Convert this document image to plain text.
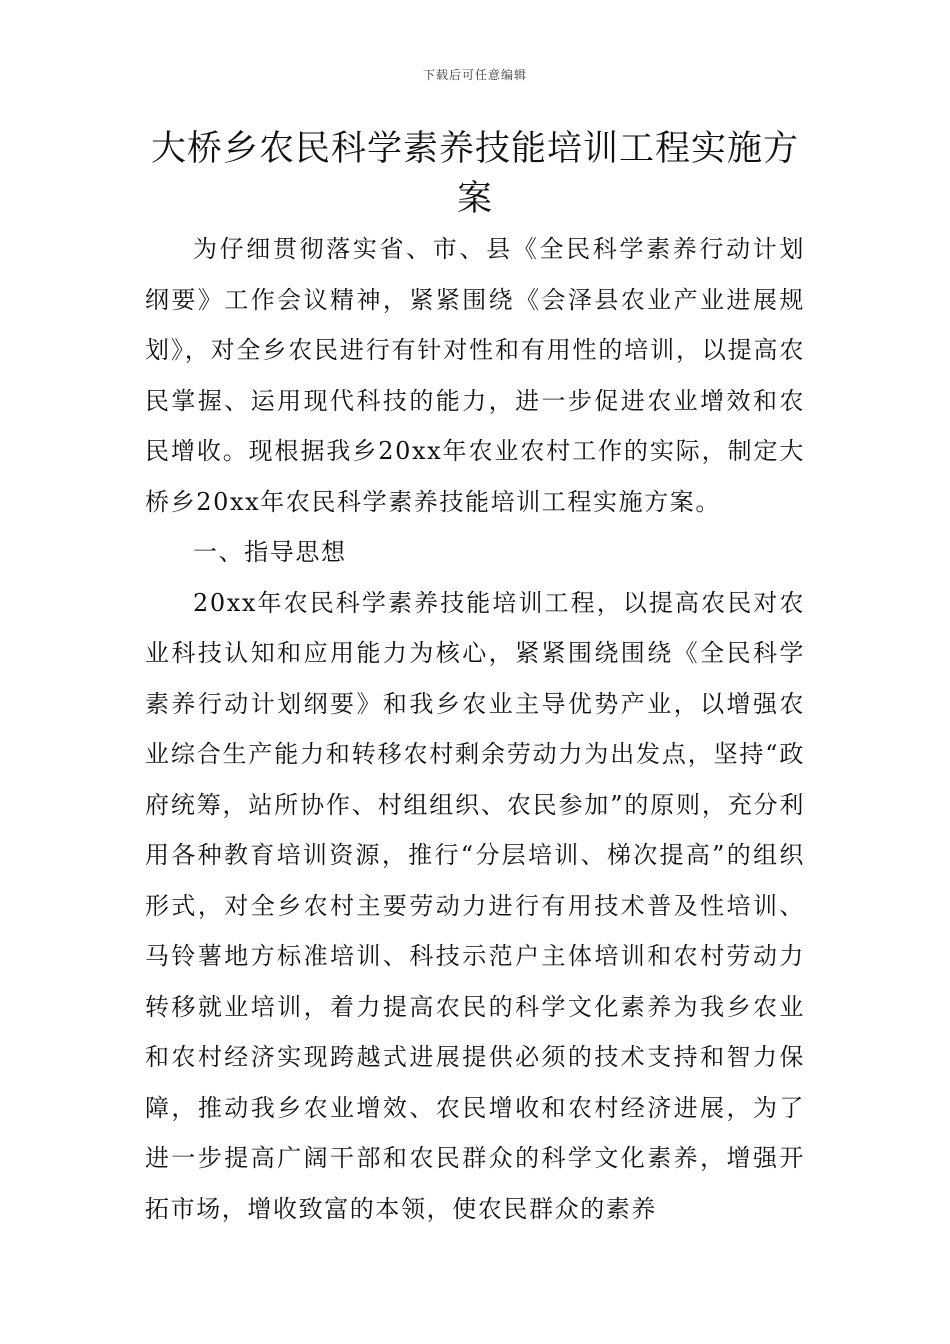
下载后可任意编辑
大桥乡农民科学素养技能培训工程实施方案

为仔细贯彻落实省、市、县《全民科学素养行动计划纲要》工作会议精神，紧紧围绕《会泽县农业产业进展规划》，对全乡农民进行有针对性和有用性的培训，以提高农民掌握、运用现代科技的能力，进一步促进农业增效和农民增收。现根据我乡20xx年农业农村工作的实际，制定大桥乡20xx年农民科学素养技能培训工程实施方案。

一、指导思想

20xx年农民科学素养技能培训工程，以提高农民对农业科技认知和应用能力为核心，紧紧围绕围绕《全民科学素养行动计划纲要》和我乡农业主导优势产业，以增强农业综合生产能力和转移农村剩余劳动力为出发点，坚持“政府统筹，站所协作、村组组织、农民参加”的原则，充分利用各种教育培训资源，推行“分层培训、梯次提高”的组织形式，对全乡农村主要劳动力进行有用技术普及性培训、马铃薯地方标准培训、科技示范户主体培训和农村劳动力转移就业培训，着力提高农民的科学文化素养为我乡农业和农村经济实现跨越式进展提供必须的技术支持和智力保障，推动我乡农业增效、农民增收和农村经济进展，为了进一步提高广阔干部和农民群众的科学文化素养，增强开拓市场，增收致富的本领，使农民群众的素养
